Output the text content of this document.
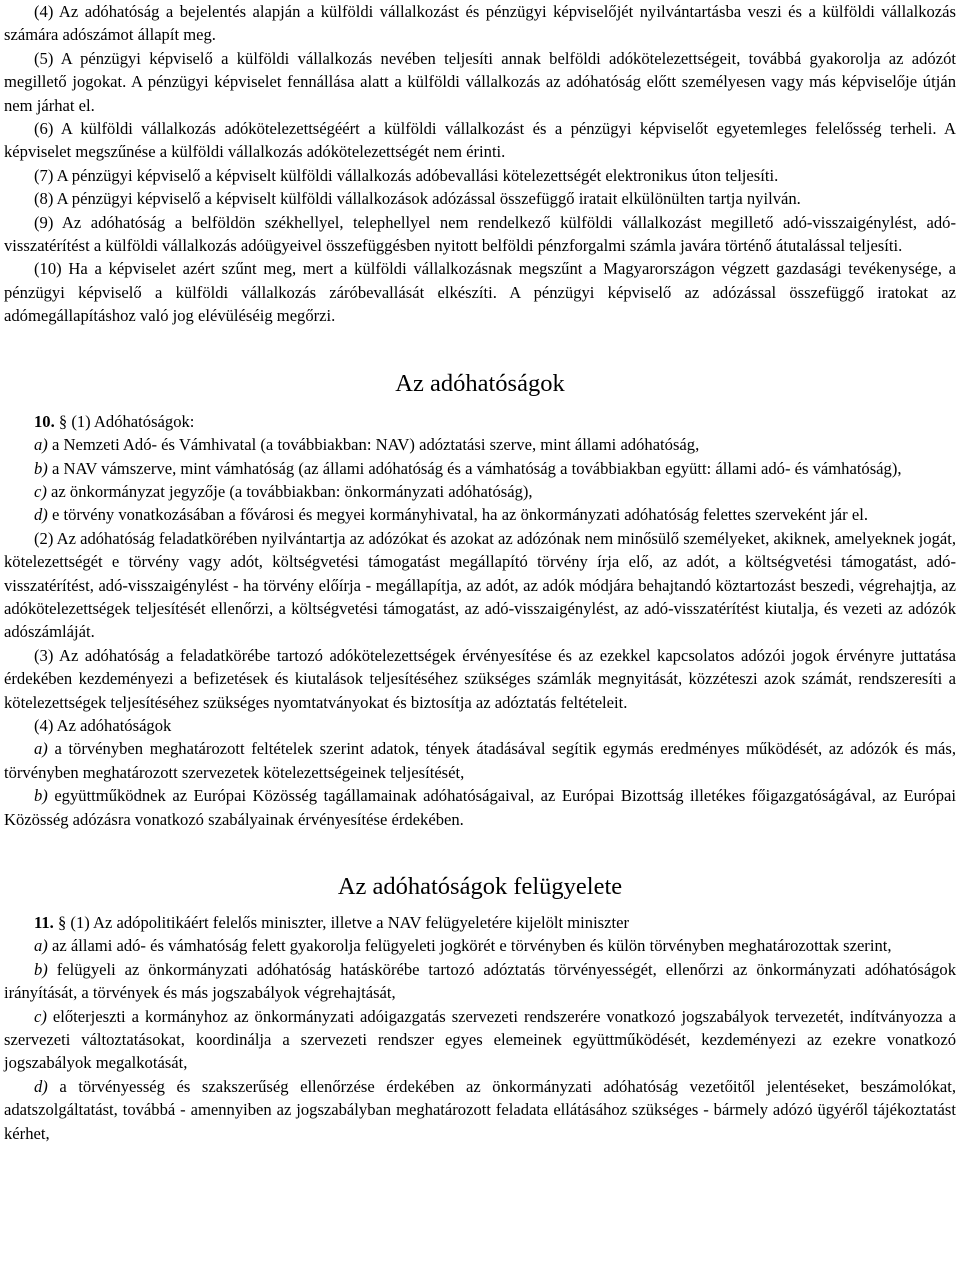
(4) Az adóhatóság a bejelentés alapján a külföldi vállalkozást és pénzügyi képviselőjét nyilvántartásba veszi és a külföldi vállalkozás számára adószámot állapít meg.

(5) A pénzügyi képviselő a külföldi vállalkozás nevében teljesíti annak belföldi adókötelezettségeit, továbbá gyakorolja az adózót megillető jogokat. A pénzügyi képviselet fennállása alatt a külföldi vállalkozás az adóhatóság előtt személyesen vagy más képviselője útján nem járhat el.

(6) A külföldi vállalkozás adókötelezettségéért a külföldi vállalkozást és a pénzügyi képviselőt egyetemleges felelősség terheli. A képviselet megszűnése a külföldi vállalkozás adókötelezettségét nem érinti.

(7) A pénzügyi képviselő a képviselt külföldi vállalkozás adóbevallási kötelezettségét elektronikus úton teljesíti.

(8) A pénzügyi képviselő a képviselt külföldi vállalkozások adózással összefüggő iratait elkülönülten tartja nyilván.

(9) Az adóhatóság a belföldön székhellyel, telephellyel nem rendelkező külföldi vállalkozást megillető adó-visszaigénylést, adó-visszatérítést a külföldi vállalkozás adóügyeivel összefüggésben nyitott belföldi pénzforgalmi számla javára történő átutalással teljesíti.

(10) Ha a képviselet azért szűnt meg, mert a külföldi vállalkozásnak megszűnt a Magyarországon végzett gazdasági tevékenysége, a pénzügyi képviselő a külföldi vállalkozás záróbevallását elkészíti. A pénzügyi képviselő az adózással összefüggő iratokat az adómegállapításhoz való jog elévüléséig megőrzi.

Az adóhatóságok

10. § (1) Adóhatóságok:

a) a Nemzeti Adó- és Vámhivatal (a továbbiakban: NAV) adóztatási szerve, mint állami adóhatóság,

b) a NAV vámszerve, mint vámhatóság (az állami adóhatóság és a vámhatóság a továbbiakban együtt: állami adó- és vámhatóság),

c) az önkormányzat jegyzője (a továbbiakban: önkormányzati adóhatóság),

d) e törvény vonatkozásában a fővárosi és megyei kormányhivatal, ha az önkormányzati adóhatóság felettes szerveként jár el.

(2) Az adóhatóság feladatkörében nyilvántartja az adózókat és azokat az adózónak nem minősülő személyeket, akiknek, amelyeknek jogát, kötelezettségét e törvény vagy adót, költségvetési támogatást megállapító törvény írja elő, az adót, a költségvetési támogatást, adó-visszatérítést, adó-visszaigénylést - ha törvény előírja - megállapítja, az adót, az adók módjára behajtandó köztartozást beszedi, végrehajtja, az adókötelezettségek teljesítését ellenőrzi, a költségvetési támogatást, az adó-visszaigénylést, az adó-visszatérítést kiutalja, és vezeti az adózók adószámláját.

(3) Az adóhatóság a feladatkörébe tartozó adókötelezettségek érvényesítése és az ezekkel kapcsolatos adózói jogok érvényre juttatása érdekében kezdeményezi a befizetések és kiutalások teljesítéséhez szükséges számlák megnyitását, közzéteszi azok számát, rendszeresíti a kötelezettségek teljesítéséhez szükséges nyomtatványokat és biztosítja az adóztatás feltételeit.

(4) Az adóhatóságok

a) a törvényben meghatározott feltételek szerint adatok, tények átadásával segítik egymás eredményes működését, az adózók és más, törvényben meghatározott szervezetek kötelezettségeinek teljesítését,

b) együttműködnek az Európai Közösség tagállamainak adóhatóságaival, az Európai Bizottság illetékes főigazgatóságával, az Európai Közösség adózásra vonatkozó szabályainak érvényesítése érdekében.

Az adóhatóságok felügyelete

11. § (1) Az adópolitikáért felelős miniszter, illetve a NAV felügyeletére kijelölt miniszter

a) az állami adó- és vámhatóság felett gyakorolja felügyeleti jogkörét e törvényben és külön törvényben meghatározottak szerint,

b) felügyeli az önkormányzati adóhatóság hatáskörébe tartozó adóztatás törvényességét, ellenőrzi az önkormányzati adóhatóságok irányítását, a törvények és más jogszabályok végrehajtását,

c) előterjeszti a kormányhoz az önkormányzati adóigazgatás szervezeti rendszerére vonatkozó jogszabályok tervezetét, indítványozza a szervezeti változtatásokat, koordinálja a szervezeti rendszer egyes elemeinek együttműködését, kezdeményezi az ezekre vonatkozó jogszabályok megalkotását,

d) a törvényesség és szakszerűség ellenőrzése érdekében az önkormányzati adóhatóság vezetőitől jelentéseket, beszámolókat, adatszolgáltatást, továbbá - amennyiben az jogszabályban meghatározott feladata ellátásához szükséges - bármely adózó ügyéről tájékoztatást kérhet,
